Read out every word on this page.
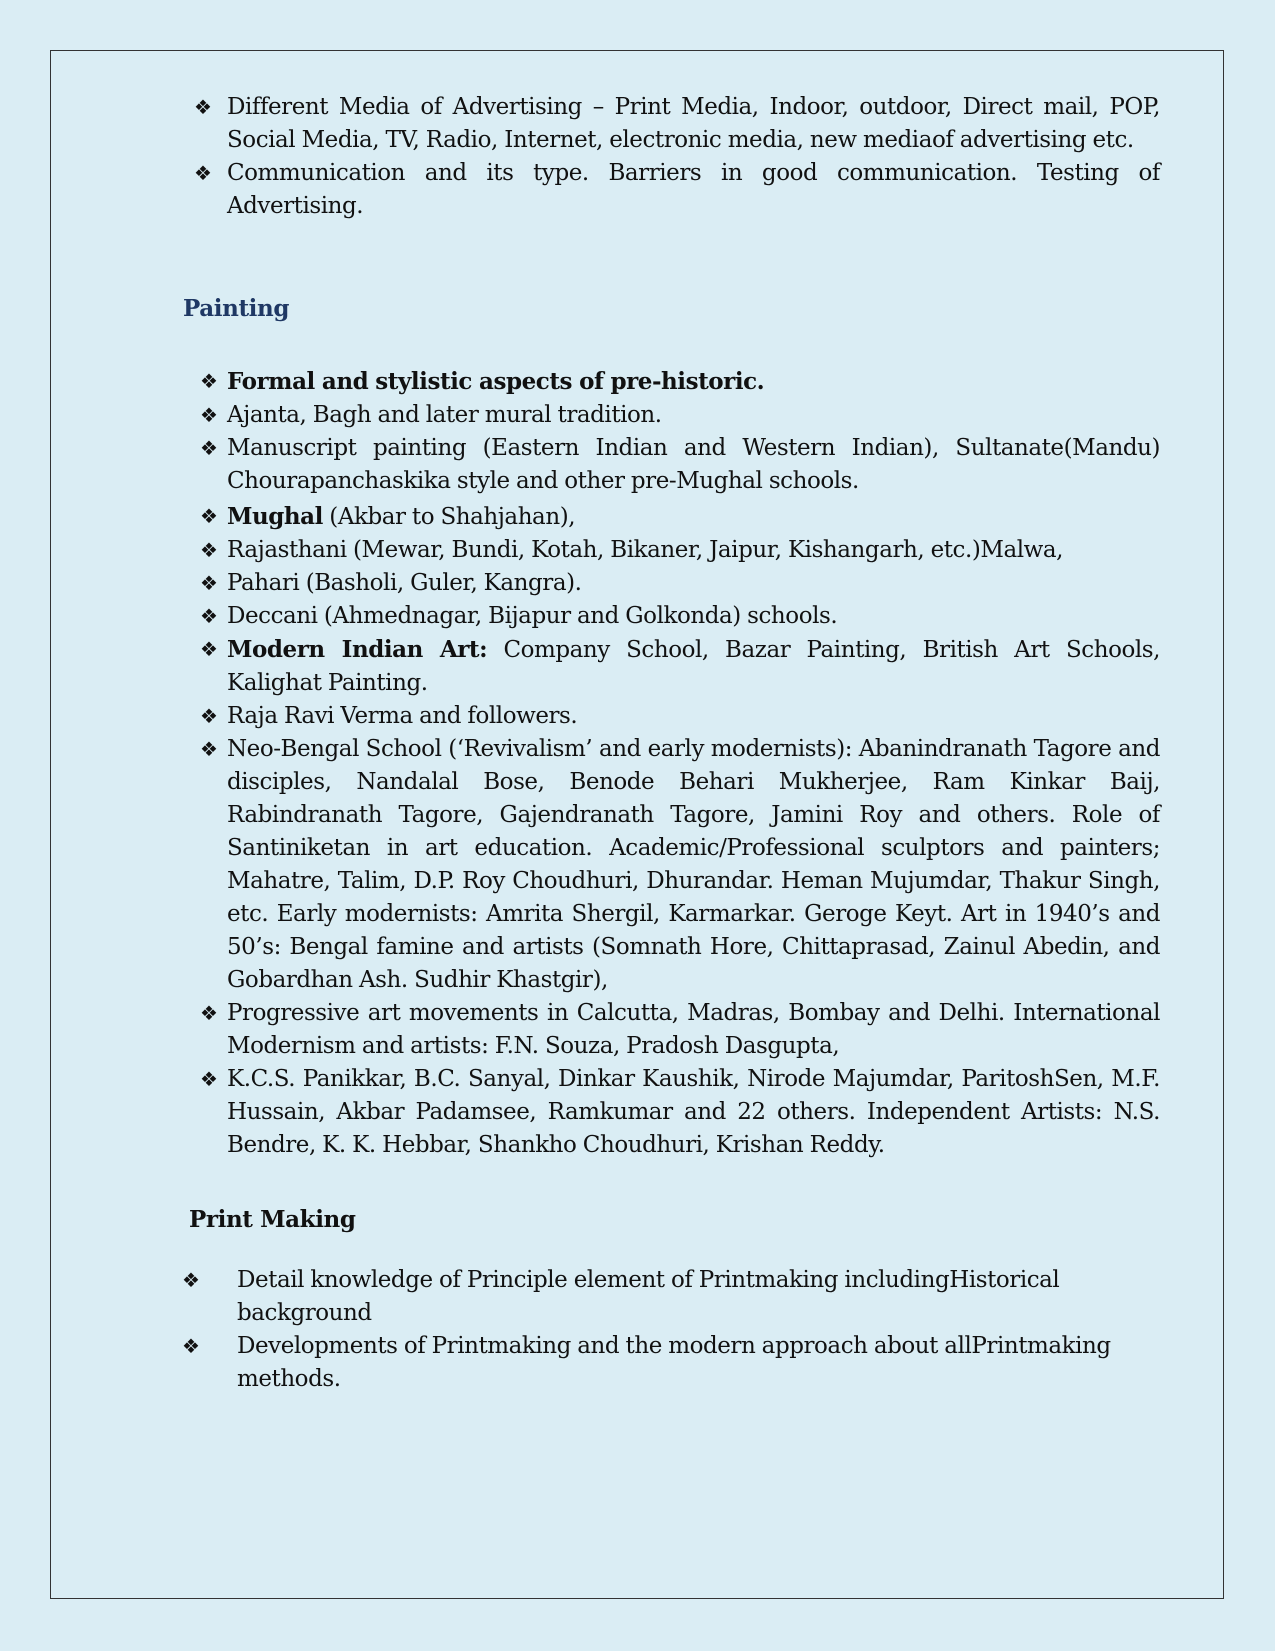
❖ Different Media of Advertising – Print Media, Indoor, outdoor, Direct mail, POP, Social Media, TV, Radio, Internet, electronic media, new mediaof advertising etc.
❖ Communication and its type. Barriers in good communication. Testing of Advertising.
Painting
❖ Formal and stylistic aspects of pre-historic.
❖ Ajanta, Bagh and later mural tradition.
❖ Manuscript painting (Eastern Indian and Western Indian), Sultanate(Mandu) Chourapanchaskika style and other pre-Mughal schools.
❖ Mughal (Akbar to Shahjahan),
❖ Rajasthani (Mewar, Bundi, Kotah, Bikaner, Jaipur, Kishangarh, etc.)Malwa,
❖ Pahari (Basholi, Guler, Kangra).
❖ Deccani (Ahmednagar, Bijapur and Golkonda) schools.
❖ Modern Indian Art: Company School, Bazar Painting, British Art Schools, Kalighat Painting.
❖ Raja Ravi Verma and followers.
❖ Neo-Bengal School (‘Revivalism’ and early modernists): Abanindranath Tagore and disciples, Nandalal Bose, Benode Behari Mukherjee, Ram Kinkar Baij, Rabindranath Tagore, Gajendranath Tagore, Jamini Roy and others. Role of Santiniketan in art education. Academic/Professional sculptors and painters; Mahatre, Talim, D.P. Roy Choudhuri, Dhurandar. Heman Mujumdar, Thakur Singh, etc. Early modernists: Amrita Shergil, Karmarkar. Geroge Keyt. Art in 1940’s and 50’s: Bengal famine and artists (Somnath Hore, Chittaprasad, Zainul Abedin, and Gobardhan Ash. Sudhir Khastgir),
❖ Progressive art movements in Calcutta, Madras, Bombay and Delhi. International Modernism and artists: F.N. Souza, Pradosh Dasgupta,
❖ K.C.S. Panikkar, B.C. Sanyal, Dinkar Kaushik, Nirode Majumdar, ParitoshSen, M.F. Hussain, Akbar Padamsee, Ramkumar and 22 others. Independent Artists: N.S. Bendre, K. K. Hebbar, Shankho Choudhuri, Krishan Reddy.
Print Making
❖ Detail knowledge of Principle element of Printmaking includingHistorical background
❖ Developments of Printmaking and the modern approach about allPrintmaking methods.
